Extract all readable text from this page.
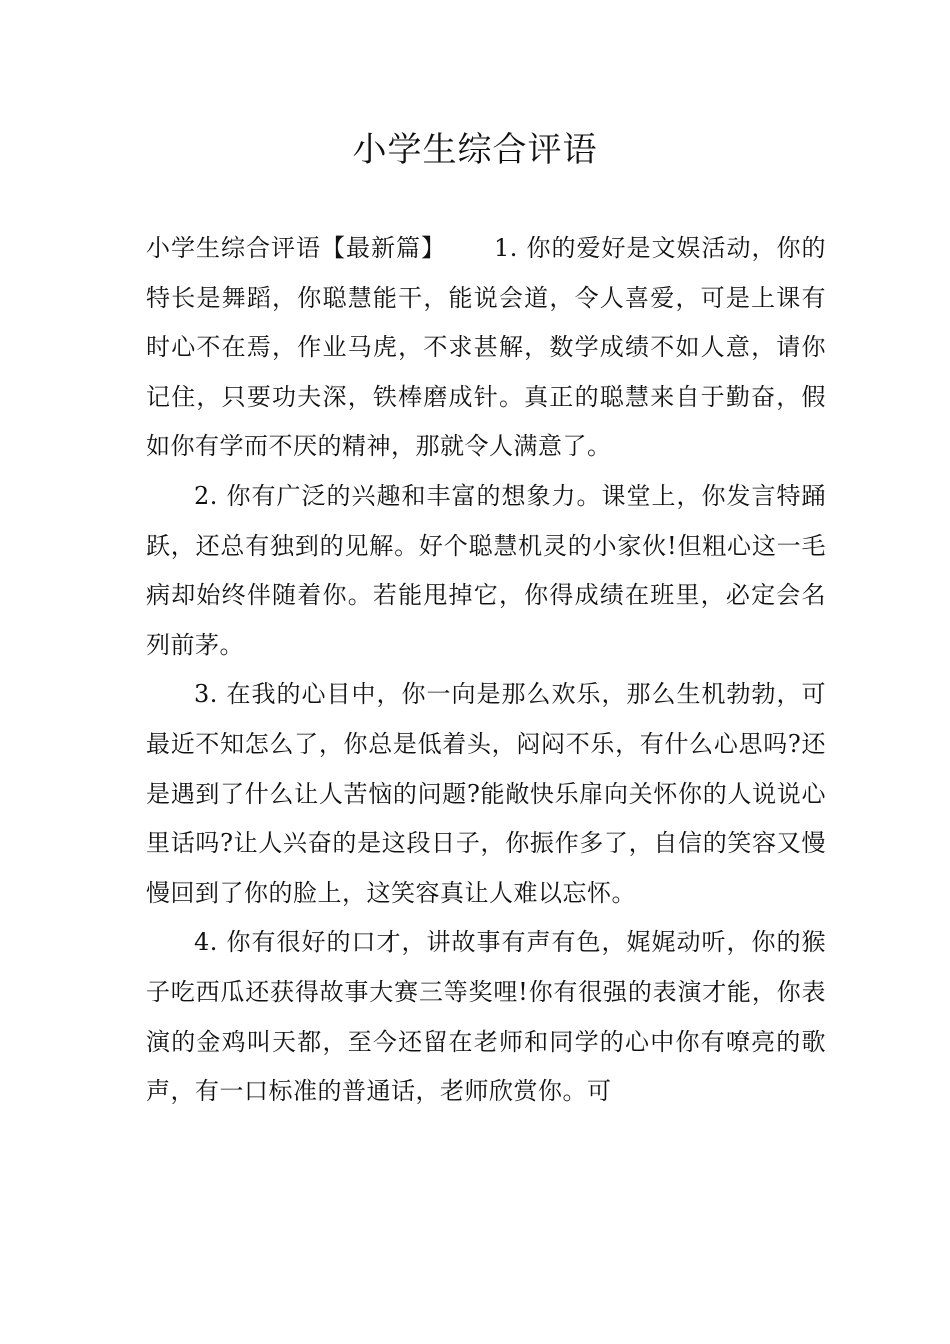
小学生综合评语

小学生综合评语【最新篇】 1. 你的爱好是文娱活动，你的特长是舞蹈，你聪慧能干，能说会道，令人喜爱，可是上课有时心不在焉，作业马虎，不求甚解，数学成绩不如人意，请你记住，只要功夫深，铁棒磨成针。真正的聪慧来自于勤奋，假如你有学而不厌的精神，那就令人满意了。

2. 你有广泛的兴趣和丰富的想象力。课堂上，你发言特踊跃，还总有独到的见解。好个聪慧机灵的小家伙!但粗心这一毛病却始终伴随着你。若能甩掉它，你得成绩在班里，必定会名列前茅。

3. 在我的心目中，你一向是那么欢乐，那么生机勃勃，可最近不知怎么了，你总是低着头，闷闷不乐，有什么心思吗?还是遇到了什么让人苦恼的问题?能敞快乐扉向关怀你的人说说心里话吗?让人兴奋的是这段日子，你振作多了，自信的笑容又慢慢回到了你的脸上，这笑容真让人难以忘怀。

4. 你有很好的口才，讲故事有声有色，娓娓动听，你的猴子吃西瓜还获得故事大赛三等奖哩!你有很强的表演才能，你表演的金鸡叫天都，至今还留在老师和同学的心中你有嘹亮的歌声，有一口标准的普通话，老师欣赏你。可
